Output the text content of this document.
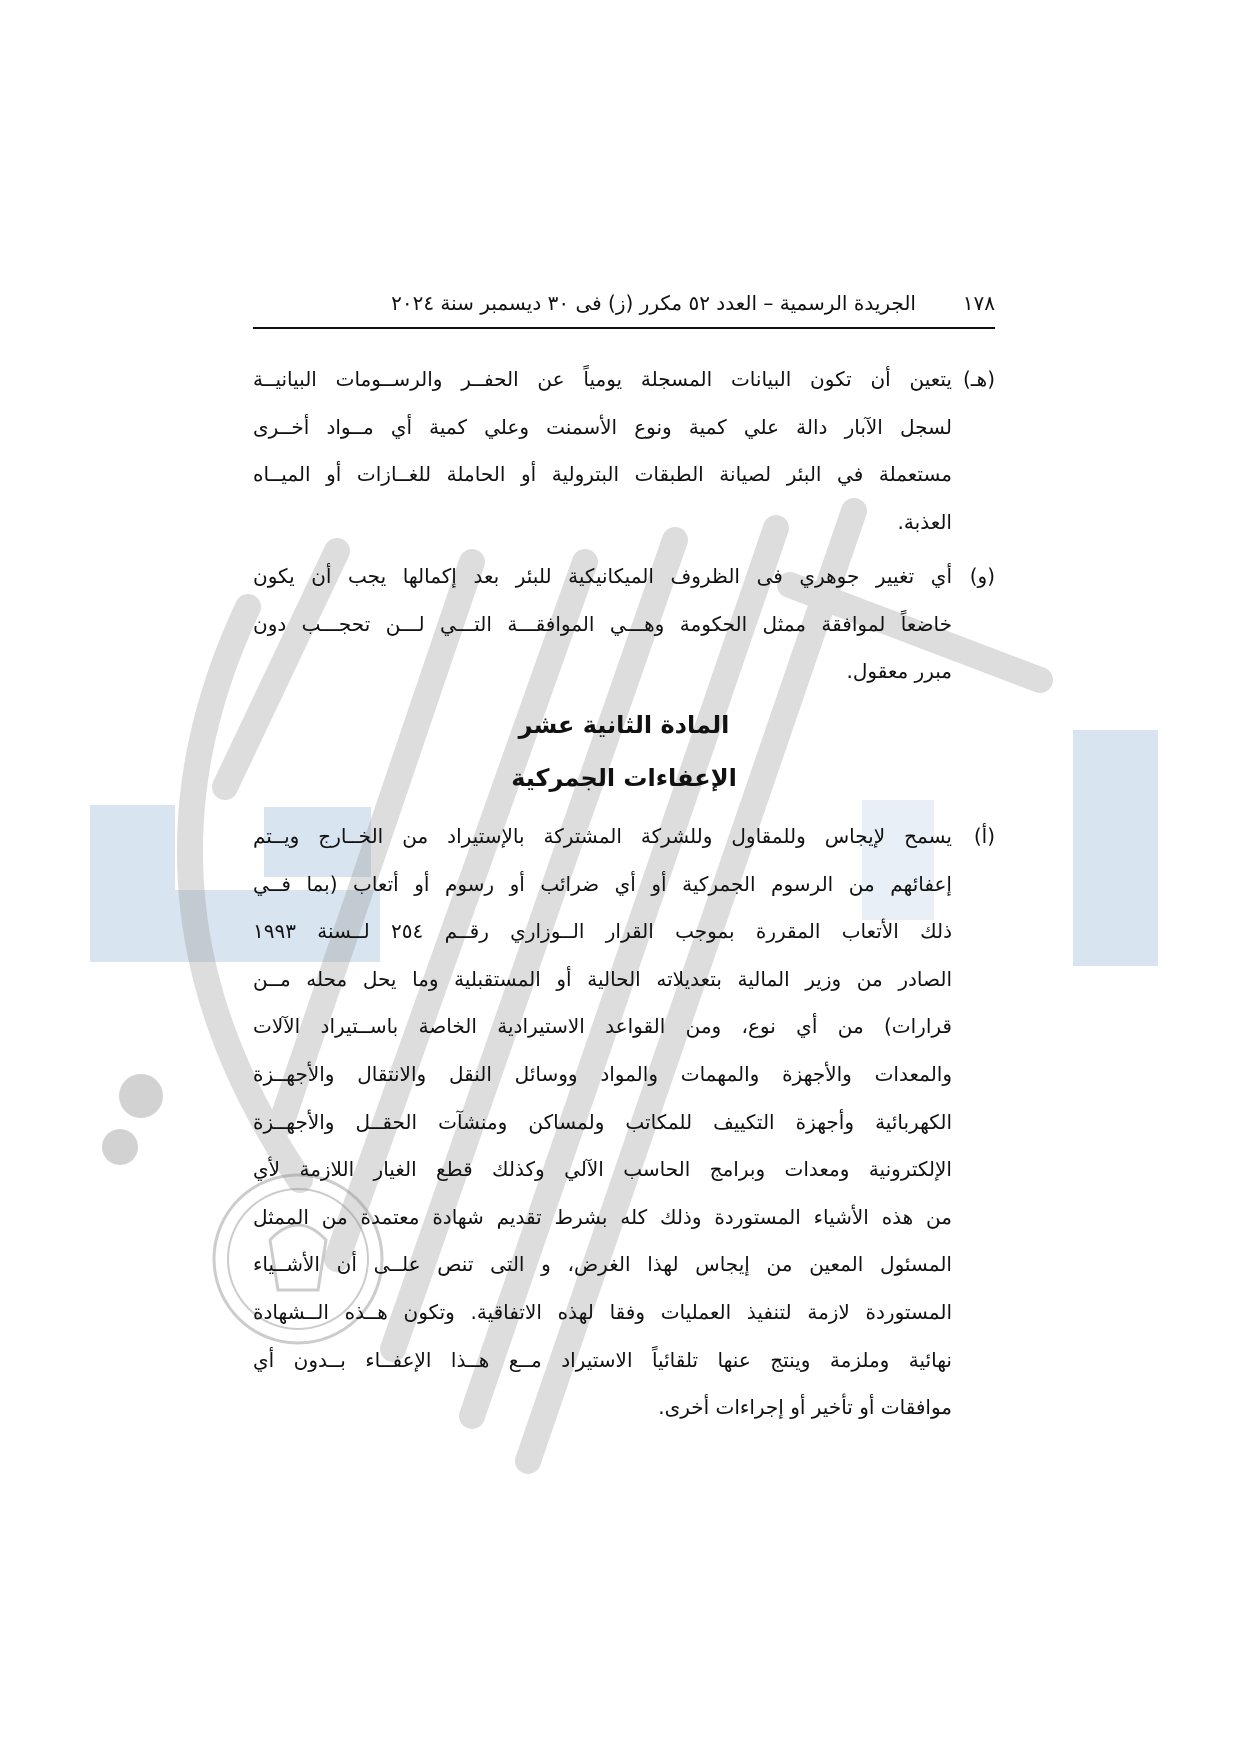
١٧٨
الجريدة الرسمية – العدد ٥٢ مكرر (ز) فى ٣٠ ديسمبر سنة ٢٠٢٤
(هـ)
يتعين أن تكون البيانات المسجلة يومياً عن الحفــر والرســومات البيانيــة
لسجل الآبار دالة علي كمية ونوع الأسمنت وعلي كمية أي مــواد أخــرى
مستعملة في البئر لصيانة الطبقات البترولية أو الحاملة للغــازات أو الميــاه
العذبة.
(و)
أي تغيير جوهري فى الظروف الميكانيكية للبئر بعد إكمالها يجب أن يكون
خاضعاً لموافقة ممثل الحكومة وهـــي الموافقـــة التـــي لـــن تحجـــب دون
مبرر معقول.
المادة الثانية عشر
الإعفاءات الجمركية
(أ)
يسمح لإيجاس وللمقاول وللشركة المشتركة بالإستيراد من الخــارج ويــتم
إعفائهم من الرسوم الجمركية أو أي ضرائب أو رسوم أو أتعاب (بما فــي
ذلك الأتعاب المقررة بموجب القرار الــوزاري رقــم ٢٥٤ لــسنة ١٩٩٣
الصادر من وزير المالية بتعديلاته الحالية أو المستقبلية وما يحل محله مــن
قرارات) من أي نوع، ومن القواعد الاستيرادية الخاصة باســتيراد الآلات
والمعدات والأجهزة والمهمات والمواد ووسائل النقل والانتقال والأجهــزة
الكهربائية وأجهزة التكييف للمكاتب ولمساكن ومنشآت الحقــل والأجهــزة
الإلكترونية ومعدات وبرامج الحاسب الآلي وكذلك قطع الغيار اللازمة لأي
من هذه الأشياء المستوردة وذلك كله بشرط تقديم شهادة معتمدة من الممثل
المسئول المعين من إيجاس لهذا الغرض، و التى تنص علــى أن الأشــياء
المستوردة لازمة لتنفيذ العمليات وفقا لهذه الاتفاقية. وتكون هــذه الــشهادة
نهائية وملزمة وينتج عنها تلقائياً الاستيراد مــع هــذا الإعفــاء بــدون أي
موافقات أو تأخير أو إجراءات أخرى.
